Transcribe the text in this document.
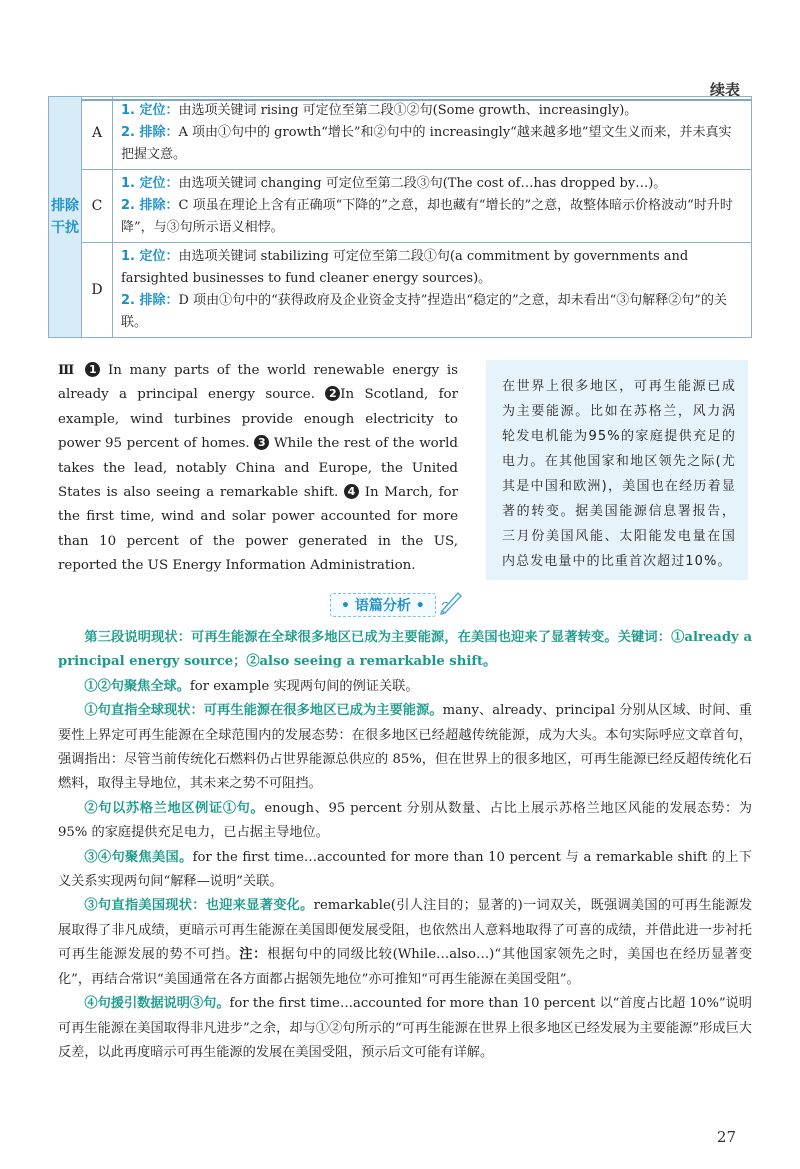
续表
排除干扰	A	1. 定位：由选项关键词 rising 可定位至第二段①②句(Some growth、increasingly)。
2. 排除：A 项由①句中的 growth“增长”和②句中的 increasingly“越来越多地”望文生义而来，并未真实把握文意。

	C	1. 定位：由选项关键词 changing 可定位至第二段③句(The cost of…has dropped by…)。
2. 排除：C 项虽在理论上含有正确项“下降的”之意，却也藏有“增长的”之意，故整体暗示价格波动“时升时降”，与③句所示语义相悖。

	D	1. 定位：由选项关键词 stabilizing 可定位至第二段①句(a commitment by governments and farsighted businesses to fund cleaner energy sources)。
2. 排除：D 项由①句中的“获得政府及企业资金支持”捏造出“稳定的”之意，却未看出“③句解释②句”的关联。
Ⅲ 1 In many parts of the world renewable energy is already a principal energy source. 2 In Scotland, for example, wind turbines provide enough electricity to power 95 percent of homes. 3 While the rest of the world takes the lead, notably China and Europe, the United States is also seeing a remarkable shift. 4 In March, for the first time, wind and solar power accounted for more than 10 percent of the power generated in the US, reported the US Energy Information Administration.
在世界上很多地区，可再生能源已成为主要能源。比如在苏格兰，风力涡轮发电机能为95%的家庭提供充足的电力。在其他国家和地区领先之际(尤其是中国和欧洲)，美国也在经历着显著的转变。据美国能源信息署报告，三月份美国风能、太阳能发电量在国内总发电量中的比重首次超过10%。
• 语篇分析 •

第三段说明现状：可再生能源在全球很多地区已成为主要能源，在美国也迎来了显著转变。关键词：①already a principal energy source；②also seeing a remarkable shift。

①②句聚焦全球。for example 实现两句间的例证关联。

①句直指全球现状：可再生能源在很多地区已成为主要能源。many、already、principal 分别从区域、时间、重要性上界定可再生能源在全球范围内的发展态势：在很多地区已经超越传统能源，成为大头。本句实际呼应文章首句，强调指出：尽管当前传统化石燃料仍占世界能源总供应的 85%，但在世界上的很多地区，可再生能源已经反超传统化石燃料，取得主导地位，其未来之势不可阻挡。

②句以苏格兰地区例证①句。enough、95 percent 分别从数量、占比上展示苏格兰地区风能的发展态势：为 95% 的家庭提供充足电力，已占据主导地位。

③④句聚焦美国。for the first time…accounted for more than 10 percent 与 a remarkable shift 的上下义关系实现两句间“解释—说明”关联。

③句直指美国现状：也迎来显著变化。remarkable(引人注目的；显著的)一词双关，既强调美国的可再生能源发展取得了非凡成绩，更暗示可再生能源在美国即便发展受阻，也依然出人意料地取得了可喜的成绩，并借此进一步衬托可再生能源发展的势不可挡。注：根据句中的同级比较(While…also…)“其他国家领先之时，美国也在经历显著变化”，再结合常识“美国通常在各方面都占据领先地位”亦可推知“可再生能源在美国受阻”。

④句援引数据说明③句。for the first time…accounted for more than 10 percent 以“首度占比超 10%”说明可再生能源在美国取得非凡进步”之余，却与①②句所示的“可再生能源在世界上很多地区已经发展为主要能源”形成巨大反差，以此再度暗示可再生能源的发展在美国受阻，预示后文可能有详解。

27
